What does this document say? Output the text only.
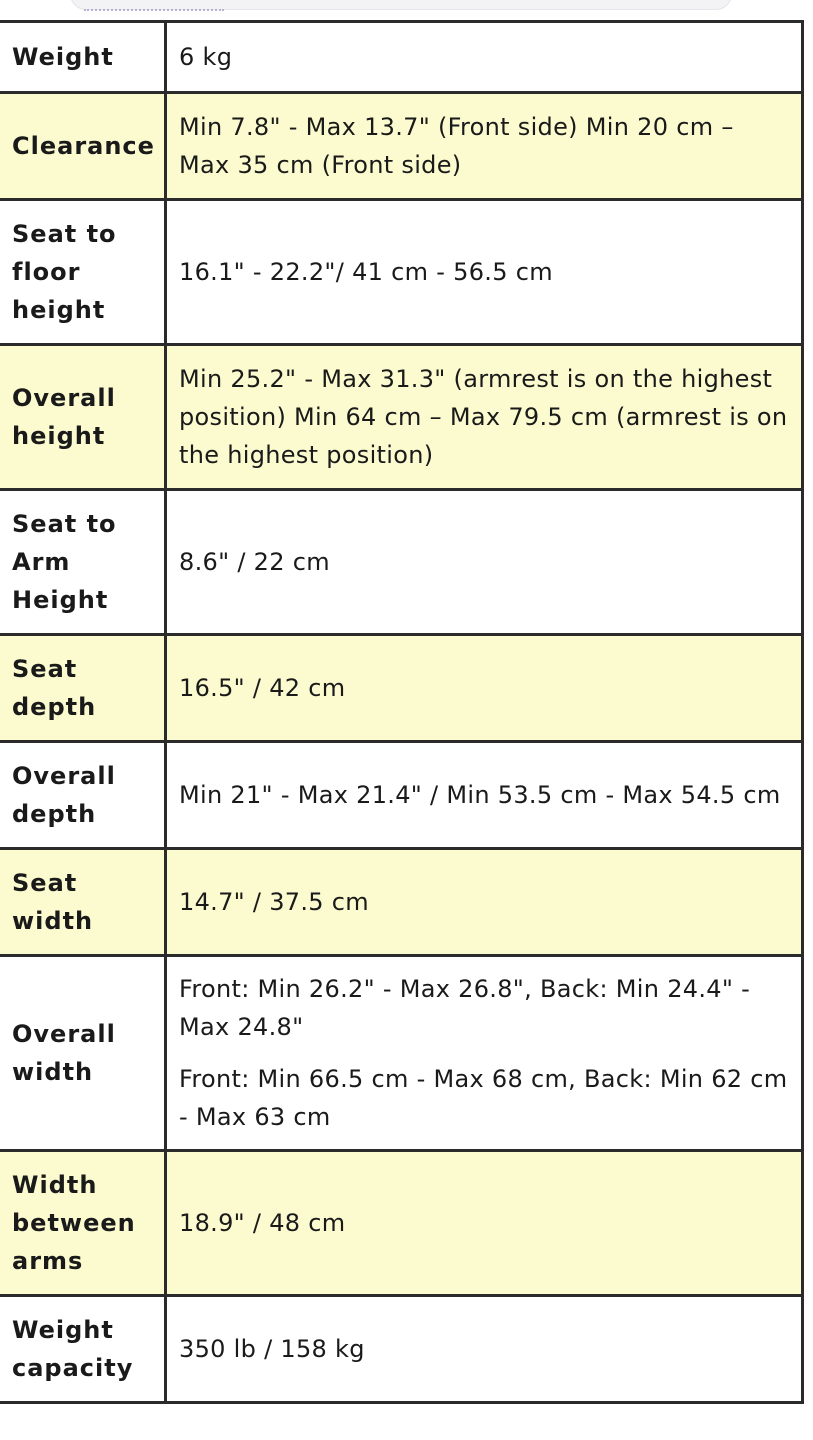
Weight	6 kg
Clearance	Min 7.8" - Max 13.7" (Front side) Min 20 cm – Max 35 cm (Front side)
Seat to floor height	16.1" - 22.2"/ 41 cm - 56.5 cm
Overall height	Min 25.2" - Max 31.3" (armrest is on the highest position) Min 64 cm – Max 79.5 cm (armrest is on the highest position)
Seat to Arm Height	8.6" / 22 cm
Seat depth	16.5" / 42 cm
Overall depth	Min 21" - Max 21.4" / Min 53.5 cm - Max 54.5 cm
Seat width	14.7" / 37.5 cm
Overall width	Front: Min 26.2" - Max 26.8", Back: Min 24.4" - Max 24.8"
Front: Min 66.5 cm - Max 68 cm, Back: Min 62 cm - Max 63 cm

Width between arms	18.9" / 48 cm
Weight capacity	350 lb / 158 kg
